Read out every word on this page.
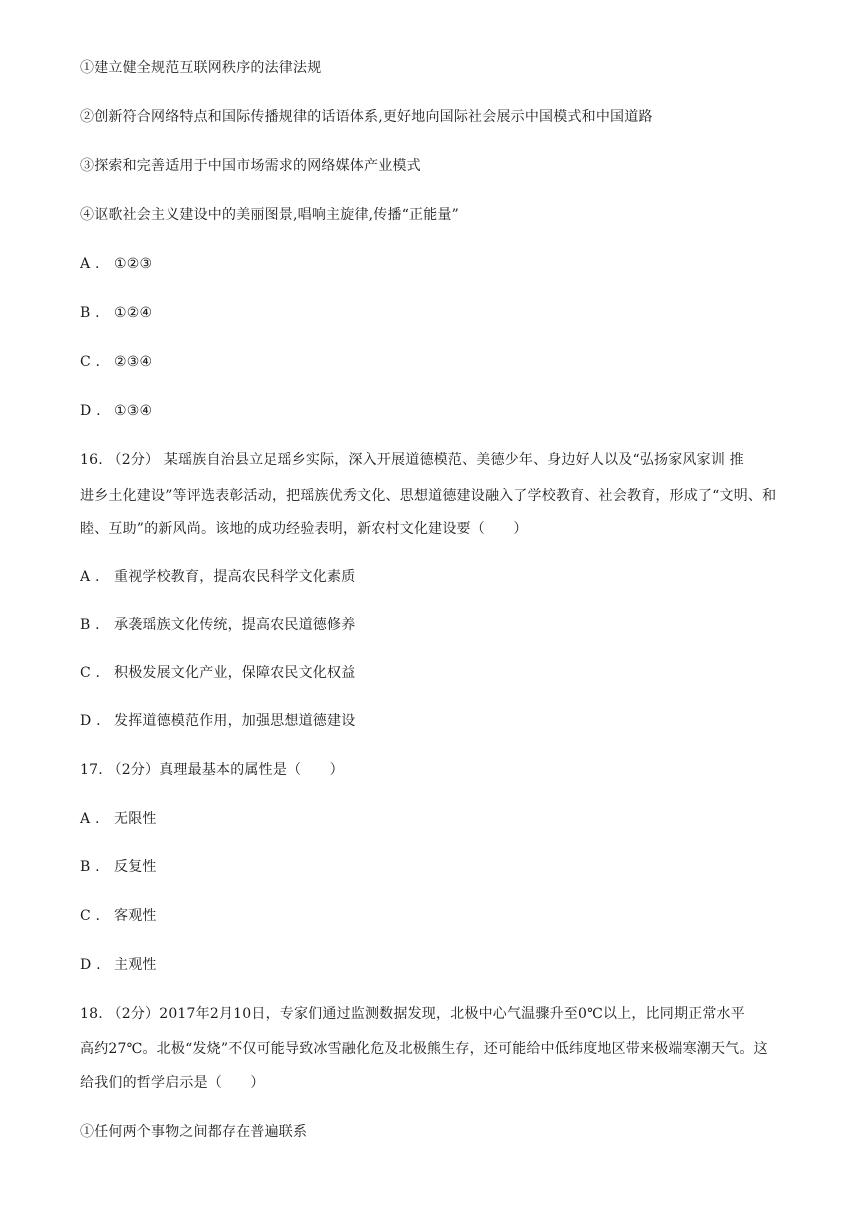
①建立健全规范互联网秩序的法律法规
②创新符合网络特点和国际传播规律的话语体系,更好地向国际社会展示中国模式和中国道路
③探索和完善适用于中国市场需求的网络媒体产业模式
④讴歌社会主义建设中的美丽图景,唱响主旋律,传播“正能量”
A . ①②③
B . ①②④
C . ②③④
D . ①③④
16. （2分） 某瑶族自治县立足瑶乡实际，深入开展道德模范、美德少年、身边好人以及“弘扬家风家训 推
进乡土化建设”等评选表彰活动，把瑶族优秀文化、思想道德建设融入了学校教育、社会教育，形成了“文明、和
睦、互助”的新风尚。该地的成功经验表明，新农村文化建设要（　　）
A . 重视学校教育，提高农民科学文化素质
B . 承袭瑶族文化传统，提高农民道德修养
C . 积极发展文化产业，保障农民文化权益
D . 发挥道德模范作用，加强思想道德建设
17. （2分）真理最基本的属性是（　　）
A . 无限性
B . 反复性
C . 客观性
D . 主观性
18. （2分）2017年2月10日，专家们通过监测数据发现，北极中心气温骤升至0℃以上，比同期正常水平
高约27℃。北极“发烧”不仅可能导致冰雪融化危及北极熊生存，还可能给中低纬度地区带来极端寒潮天气。这
给我们的哲学启示是（　　）
①任何两个事物之间都存在普遍联系
